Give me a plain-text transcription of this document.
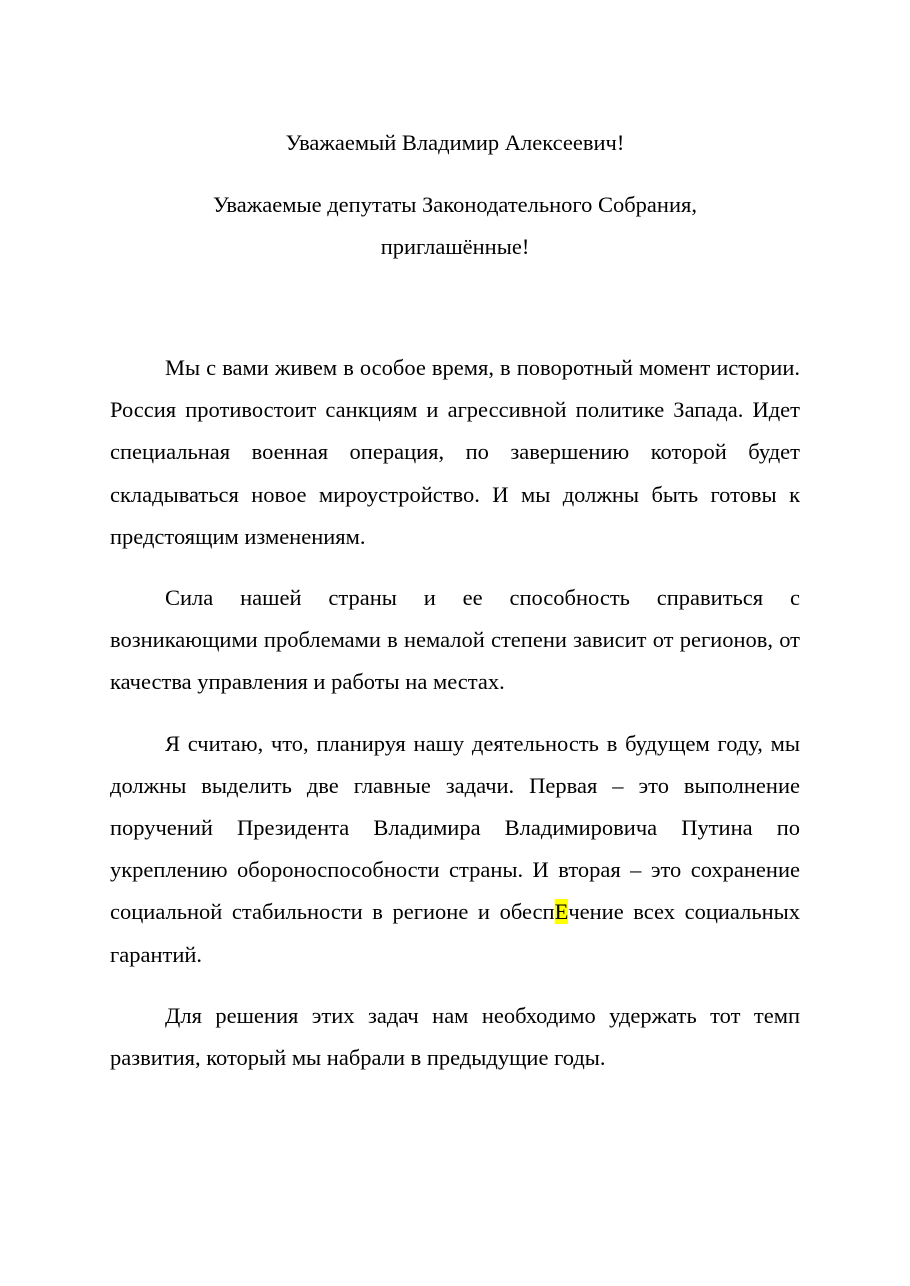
Уважаемый Владимир Алексеевич!

Уважаемые депутаты Законодательного Собрания,
приглашённые!

Мы с вами живем в особое время, в поворотный момент истории. Россия противостоит санкциям и агрессивной политике Запада. Идет специальная военная операция, по завершению которой будет складываться новое мироустройство. И мы должны быть готовы к предстоящим изменениям.

Сила нашей страны и ее способность справиться с возникающими проблемами в немалой степени зависит от регионов, от качества управления и работы на местах.

Я считаю, что, планируя нашу деятельность в будущем году, мы должны выделить две главные задачи. Первая – это выполнение поручений Президента Владимира Владимировича Путина по укреплению обороноспособности страны. И вторая – это сохранение социальной стабильности в регионе и обеспЕчение всех социальных гарантий.

Для решения этих задач нам необходимо удержать тот темп развития, который мы набрали в предыдущие годы.
